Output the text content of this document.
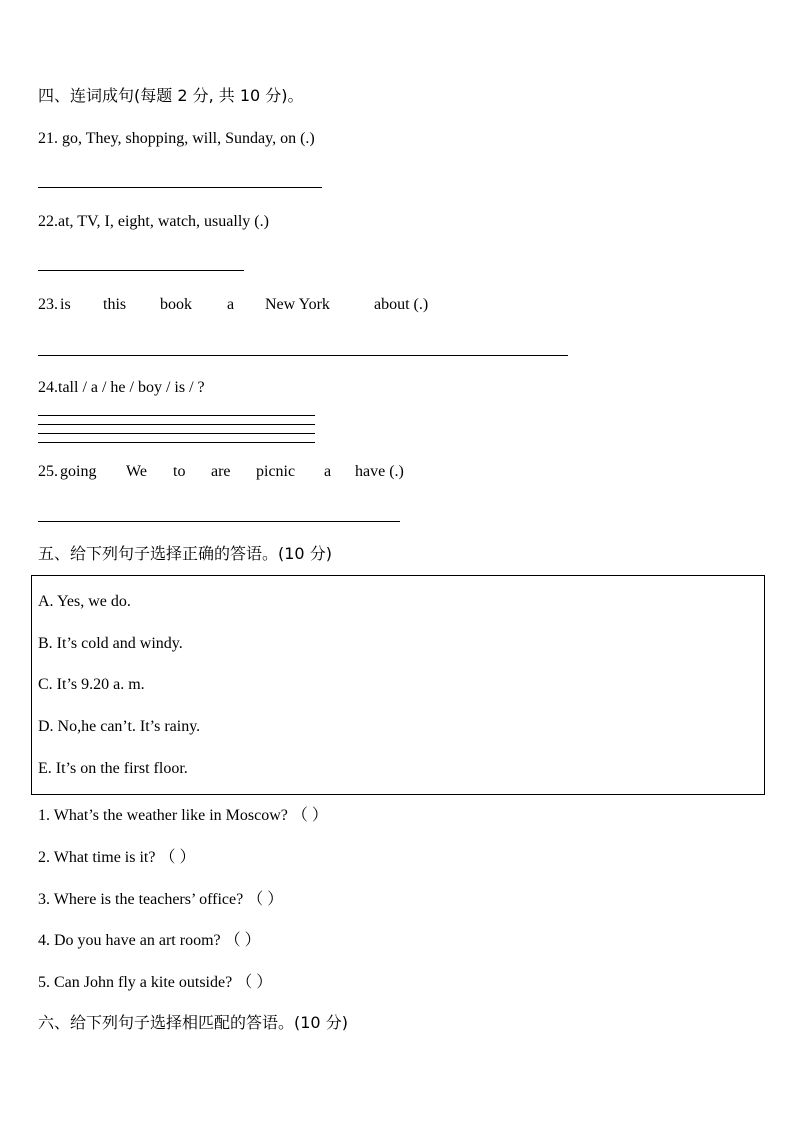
四、连词成句(每题 2 分, 共 10 分)。
21. go, They, shopping, will, Sunday, on (.)
22.at, TV, I, eight, watch, usually (.)
23. is this book a New York	about (.)
24.tall / a / he / boy / is / ?
25. going We to are picnic a have (.)
五、给下列句子选择正确的答语。(10 分)
A. Yes, we do.
B. It’s cold and windy.
C. It’s 9.20 a. m.
D. No,he can’t. It’s rainy.
E. It’s on the first floor.
1. What’s the weather like in Moscow? （ ）
2. What time is it? （ ）
3. Where is the teachers’ office? （ ）
4. Do you have an art room? （ ）
5. Can John fly a kite outside? （ ）
六、给下列句子选择相匹配的答语。(10 分)
